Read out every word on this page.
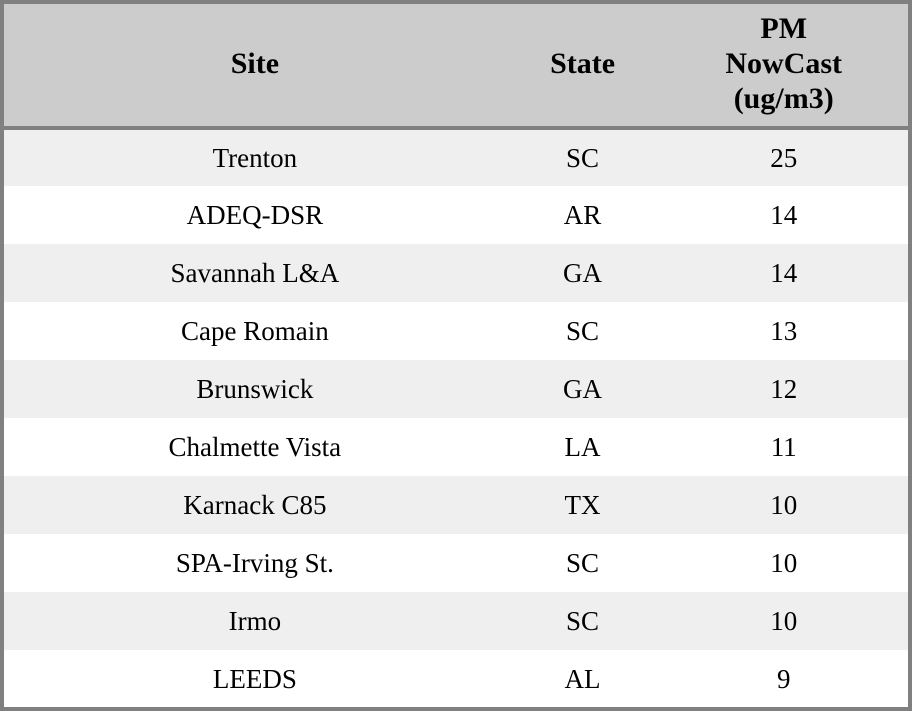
Site	State	PM
NowCast
(ug/m3)

Trenton	SC	25
ADEQ-DSR	AR	14
Savannah L&A	GA	14
Cape Romain	SC	13
Brunswick	GA	12
Chalmette Vista	LA	11
Karnack C85	TX	10
SPA-Irving St.	SC	10
Irmo	SC	10
LEEDS	AL	9
